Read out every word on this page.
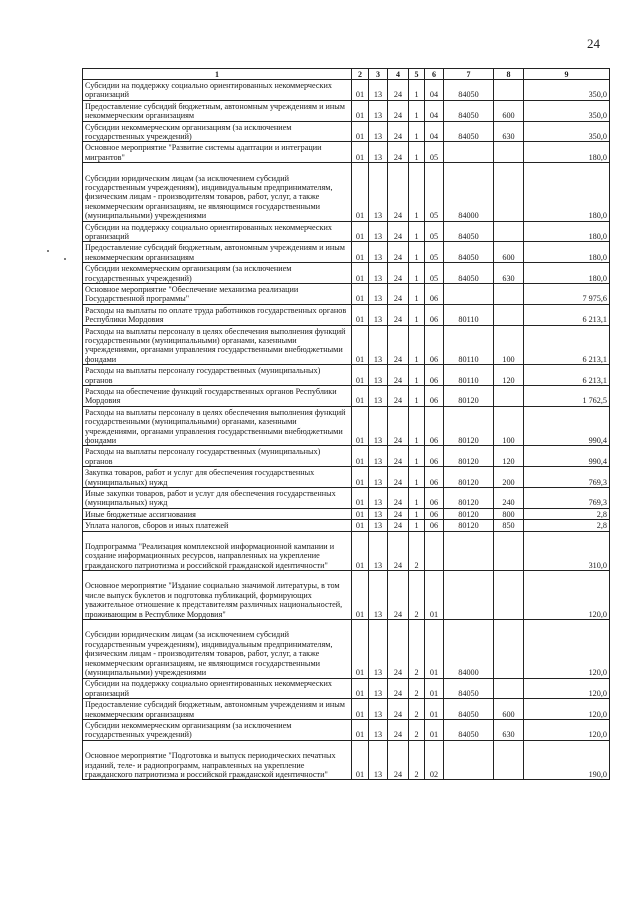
24
1	2	3	4	5	6	7	8	9
Субсидии на поддержку социально ориентированных некоммерческих организаций	01	13	24	1	04	84050		350,0
Предоставление субсидий бюджетным, автономным учреждениям и иным некоммерческим организациям	01	13	24	1	04	84050	600	350,0
Субсидии некоммерческим организациям (за исключением государственных учреждений)	01	13	24	1	04	84050	630	350,0
Основное мероприятие "Развитие системы адаптации и интеграции мигрантов"	01	13	24	1	05			180,0
Субсидии юридическим лицам (за исключением субсидий государственным учреждениям), индивидуальным предпринимателям, физическим лицам - производителям товаров, работ, услуг, а также некоммерческим организациям, не являющимся государственными (муниципальными) учреждениями	01	13	24	1	05	84000		180,0
Субсидии на поддержку социально ориентированных некоммерческих организаций	01	13	24	1	05	84050		180,0
Предоставление субсидий бюджетным, автономным учреждениям и иным некоммерческим организациям	01	13	24	1	05	84050	600	180,0
Субсидии некоммерческим организациям (за исключением государственных учреждений)	01	13	24	1	05	84050	630	180,0
Основное мероприятие "Обеспечение механизма реализации Государственной программы"	01	13	24	1	06			7 975,6
Расходы на выплаты по оплате труда работников государственных органов Республики Мордовия	01	13	24	1	06	80110		6 213,1
Расходы на выплаты персоналу в целях обеспечения выполнения функций государственными (муниципальными) органами, казенными учреждениями, органами управления государственными внебюджетными фондами	01	13	24	1	06	80110	100	6 213,1
Расходы на выплаты персоналу государственных (муниципальных) органов	01	13	24	1	06	80110	120	6 213,1
Расходы на обеспечение функций государственных органов Республики Мордовия	01	13	24	1	06	80120		1 762,5
Расходы на выплаты персоналу в целях обеспечения выполнения функций государственными (муниципальными) органами, казенными учреждениями, органами управления государственными внебюджетными фондами	01	13	24	1	06	80120	100	990,4
Расходы на выплаты персоналу государственных (муниципальных) органов	01	13	24	1	06	80120	120	990,4
Закупка товаров, работ и услуг для обеспечения государственных (муниципальных) нужд	01	13	24	1	06	80120	200	769,3
Иные закупки товаров, работ и услуг для обеспечения государственных (муниципальных) нужд	01	13	24	1	06	80120	240	769,3
Иные бюджетные ассигнования	01	13	24	1	06	80120	800	2,8
Уплата налогов, сборов и иных платежей	01	13	24	1	06	80120	850	2,8
Подпрограмма "Реализация комплексной информационной кампании и создание информационных ресурсов, направленных на укрепление гражданского патриотизма и российской гражданской идентичности"	01	13	24	2				310,0
Основное мероприятие "Издание социально значимой литературы, в том числе выпуск буклетов и подготовка публикаций, формирующих уважительное отношение к представителям различных национальностей, проживающим в Республике Мордовия"	01	13	24	2	01			120,0
Субсидии юридическим лицам (за исключением субсидий государственным учреждениям), индивидуальным предпринимателям, физическим лицам - производителям товаров, работ, услуг, а также некоммерческим организациям, не являющимся государственными (муниципальными) учреждениями	01	13	24	2	01	84000		120,0
Субсидии на поддержку социально ориентированных некоммерческих организаций	01	13	24	2	01	84050		120,0
Предоставление субсидий бюджетным, автономным учреждениям и иным некоммерческим организациям	01	13	24	2	01	84050	600	120,0
Субсидии некоммерческим организациям (за исключением государственных учреждений)	01	13	24	2	01	84050	630	120,0
Основное мероприятие "Подготовка и выпуск периодических печатных изданий, теле- и радиопрограмм, направленных на укрепление гражданского патриотизма и российской гражданской идентичности"	01	13	24	2	02			190,0
